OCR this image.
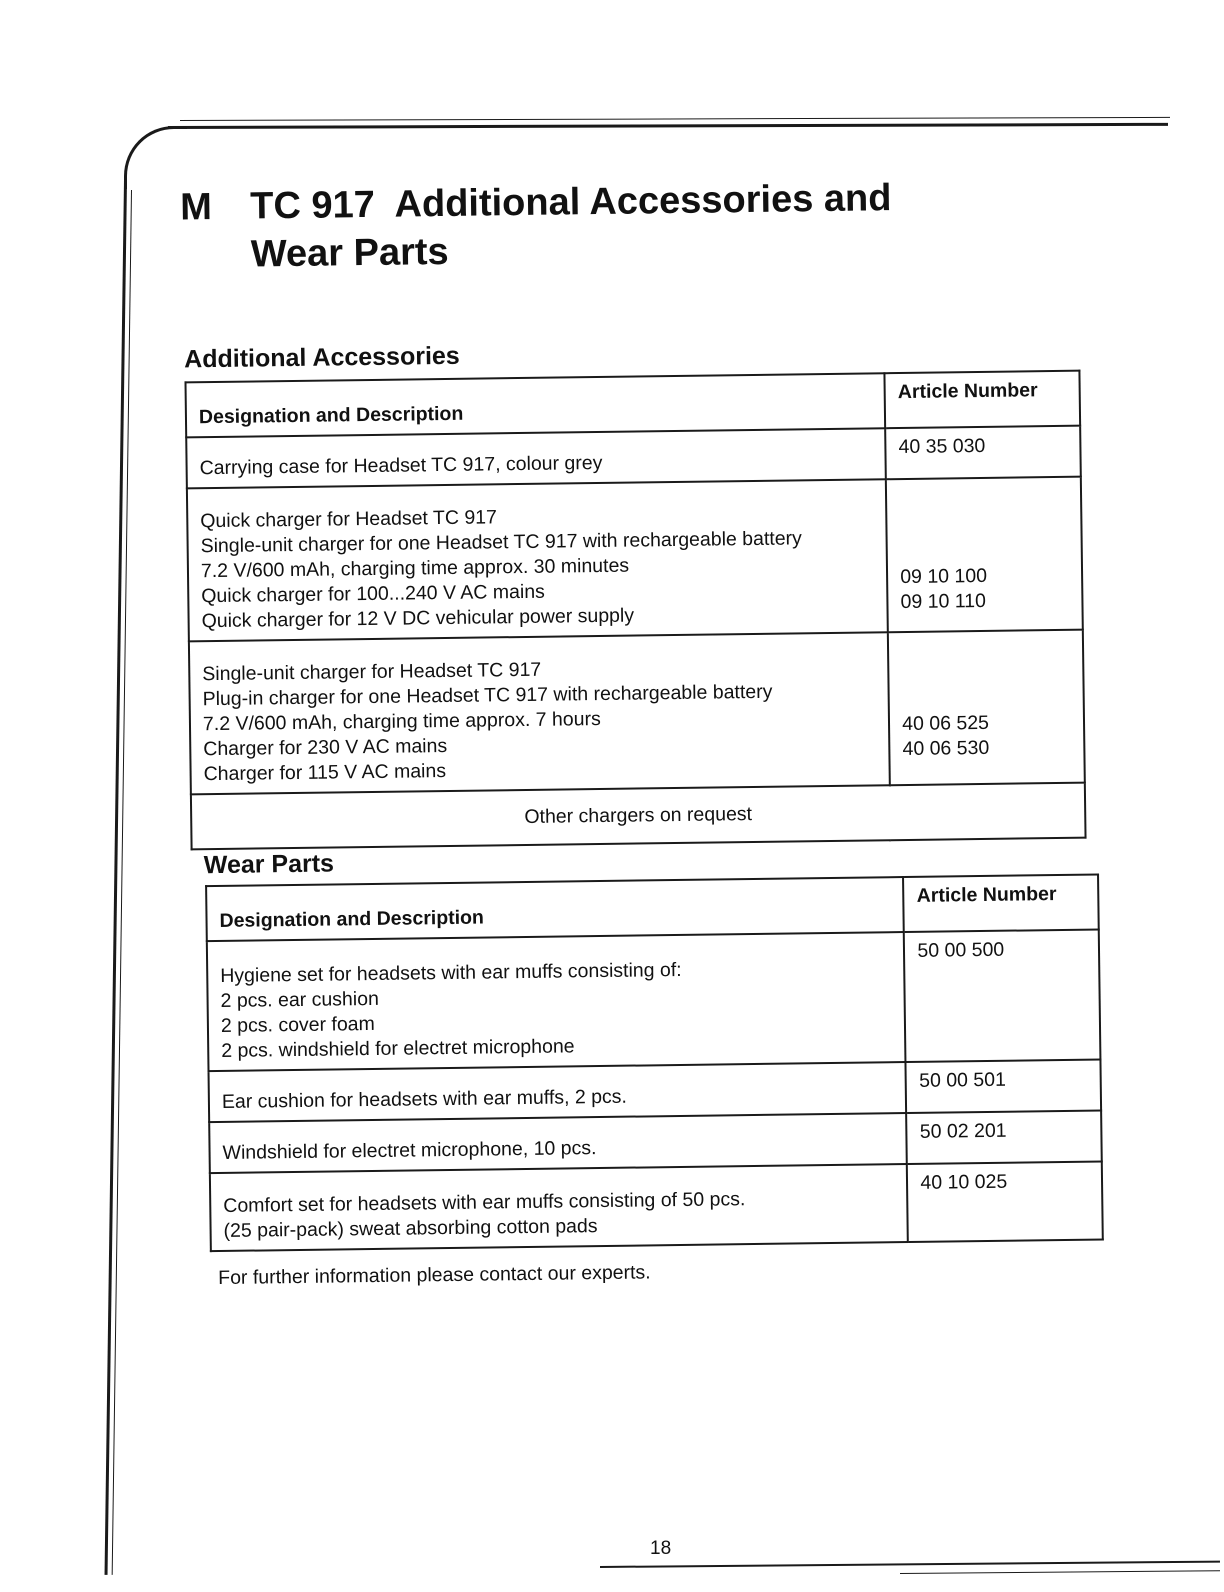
M TC 917  Additional Accessories and
Wear Parts
Additional Accessories
Designation and Description	Article Number

Carrying case for Headset TC 917, colour grey	40 35 030

Quick charger for Headset TC 917
Single-unit charger for one Headset TC 917 with rechargeable battery
7.2 V/600 mAh, charging time approx. 30 minutes
Quick charger for 100...240 V AC mains
Quick charger for 12 V DC vehicular power supply	09 10 100
09 10 110

Single-unit charger for Headset TC 917
Plug-in charger for one Headset TC 917 with rechargeable battery
7.2 V/600 mAh, charging time approx. 7 hours
Charger for 230 V AC mains
Charger for 115 V AC mains	40 06 525
40 06 530

Other chargers on request	
Wear Parts
Designation and Description	Article Number

Hygiene set for headsets with ear muffs consisting of:
2 pcs. ear cushion
2 pcs. cover foam
2 pcs. windshield for electret microphone	50 00 500

Ear cushion for headsets with ear muffs, 2 pcs.	50 00 501

Windshield for electret microphone, 10 pcs.	50 02 201

Comfort set for headsets with ear muffs consisting of 50 pcs.
(25 pair-pack) sweat absorbing cotton pads	40 10 025
For further information please contact our experts.
18
